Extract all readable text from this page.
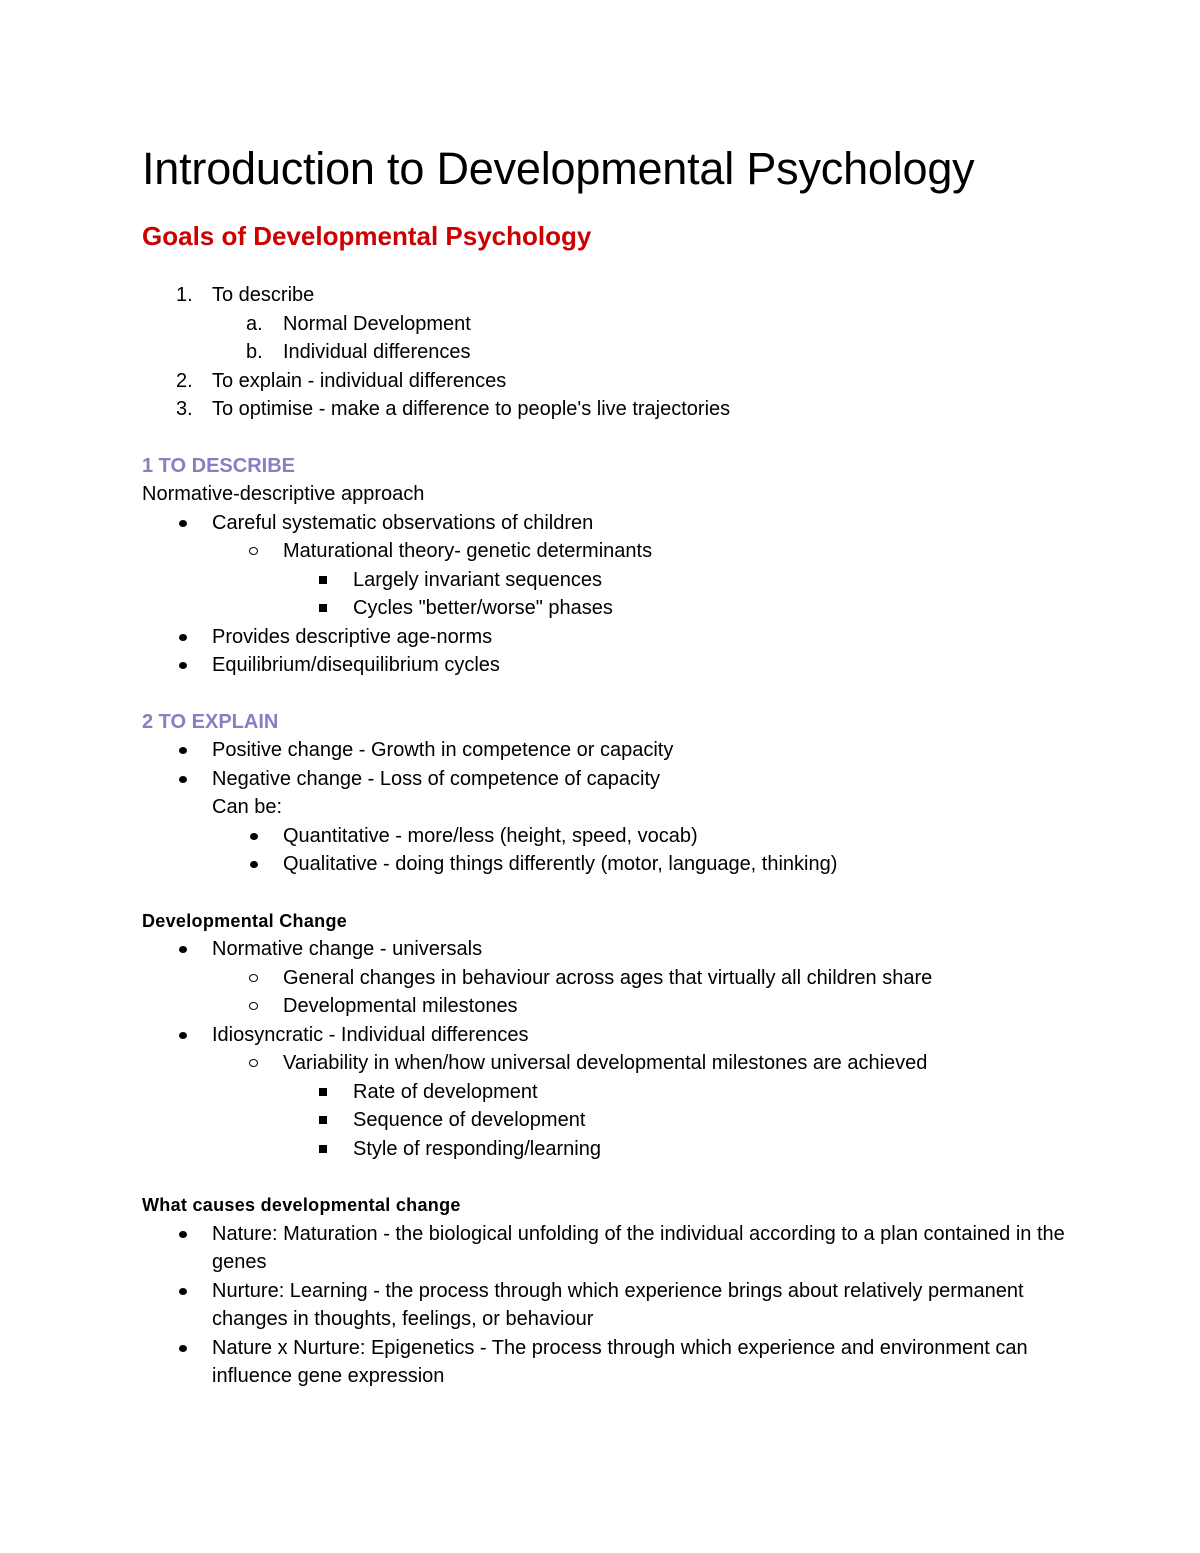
Introduction to Developmental Psychology
Goals of Developmental Psychology
1. To describe
a. Normal Development
b. Individual differences
2. To explain - individual differences
3. To optimise - make a difference to people's live trajectories
1 TO DESCRIBE
Normative-descriptive approach
Careful systematic observations of children
Maturational theory- genetic determinants
Largely invariant sequences
Cycles "better/worse" phases
Provides descriptive age-norms
Equilibrium/disequilibrium cycles
2 TO EXPLAIN
Positive change - Growth in competence or capacity
Negative change - Loss of competence of capacity
Can be:
Quantitative - more/less (height, speed, vocab)
Qualitative - doing things differently (motor, language, thinking)
Developmental Change
Normative change - universals
General changes in behaviour across ages that virtually all children share
Developmental milestones
Idiosyncratic - Individual differences
Variability in when/how universal developmental milestones are achieved
Rate of development
Sequence of development
Style of responding/learning
What causes developmental change
Nature: Maturation - the biological unfolding of the individual according to a plan contained in the genes
Nurture: Learning - the process through which experience brings about relatively permanent changes in thoughts, feelings, or behaviour
Nature x Nurture: Epigenetics - The process through which experience and environment can influence gene expression
